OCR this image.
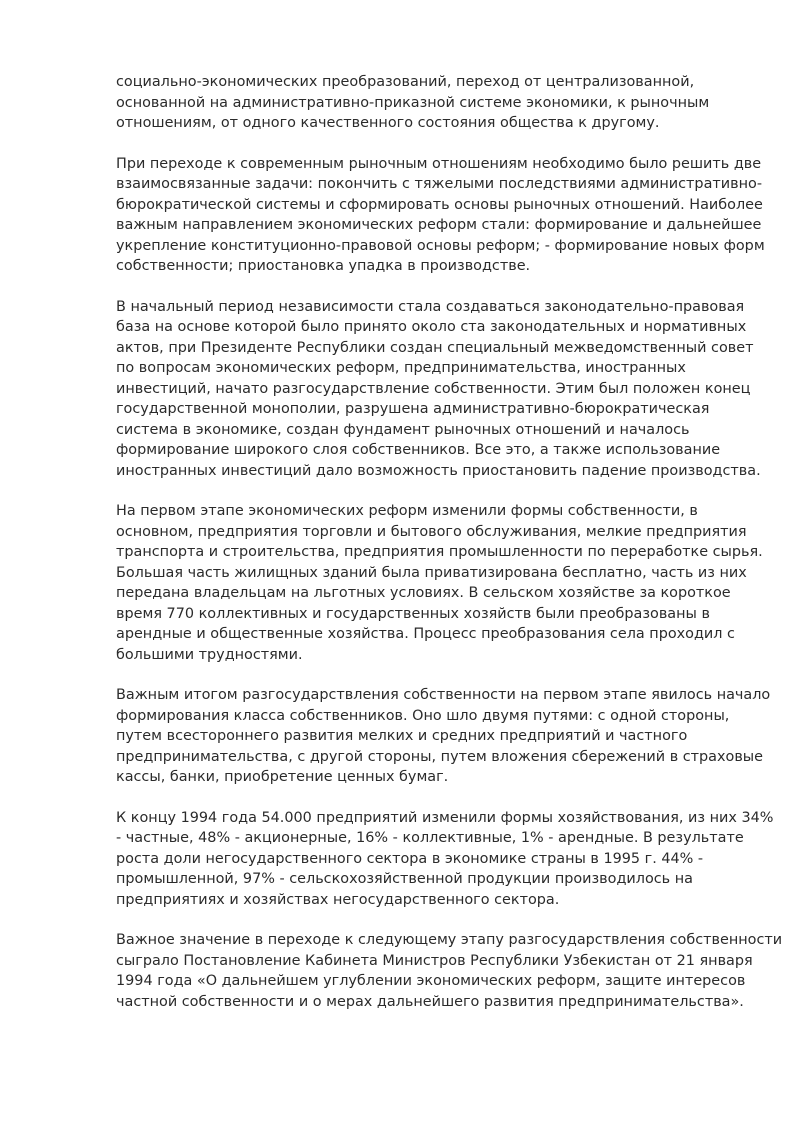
социально-экономических преобразований, переход от централизованной,
основанной на административно-приказной системе экономики, к рыночным
отношениям, от одного качественного состояния общества к другому.

При переходе к современным рыночным отношениям необходимо было решить две
взаимосвязанные задачи: покончить с тяжелыми последствиями административно-
бюрократической системы и сформировать основы рыночных отношений. Наиболее
важным направлением экономических реформ стали: формирование и дальнейшее
укрепление конституционно-правовой основы реформ; - формирование новых форм
собственности; приостановка упадка в производстве.

В начальный период независимости стала создаваться законодательно-правовая
база на основе которой было принято около ста законодательных и нормативных
актов, при Президенте Республики создан специальный межведомственный совет
по вопросам экономических реформ, предпринимательства, иностранных
инвестиций, начато разгосударствление собственности. Этим был положен конец
государственной монополии, разрушена административно-бюрократическая
система в экономике, создан фундамент рыночных отношений и началось
формирование широкого слоя собственников. Все это, а также использование
иностранных инвестиций дало возможность приостановить падение производства.

На первом этапе экономических реформ изменили формы собственности, в
основном, предприятия торговли и бытового обслуживания, мелкие предприятия
транспорта и строительства, предприятия промышленности по переработке сырья.
Большая часть жилищных зданий была приватизирована бесплатно, часть из них
передана владельцам на льготных условиях. В сельском хозяйстве за короткое
время 770 коллективных и государственных хозяйств были преобразованы в
арендные и общественные хозяйства. Процесс преобразования села проходил с
большими трудностями.

Важным итогом разгосударствления собственности на первом этапе явилось начало
формирования класса собственников. Оно шло двумя путями: с одной стороны,
путем всестороннего развития мелких и средних предприятий и частного
предпринимательства, с другой стороны, путем вложения сбережений в страховые
кассы, банки, приобретение ценных бумаг.

К концу 1994 года 54.000 предприятий изменили формы хозяйствования, из них 34%
- частные, 48% - акционерные, 16% - коллективные, 1% - арендные. В результате
роста доли негосударственного сектора в экономике страны в 1995 г. 44% -
промышленной, 97% - сельскохозяйственной продукции производилось на
предприятиях и хозяйствах негосударственного сектора.

Важное значение в переходе к следующему этапу разгосударствления собственности
сыграло Постановление Кабинета Министров Республики Узбекистан от 21 января
1994 года «О дальнейшем углублении экономических реформ, защите интересов
частной собственности и о мерах дальнейшего развития предпринимательства».
